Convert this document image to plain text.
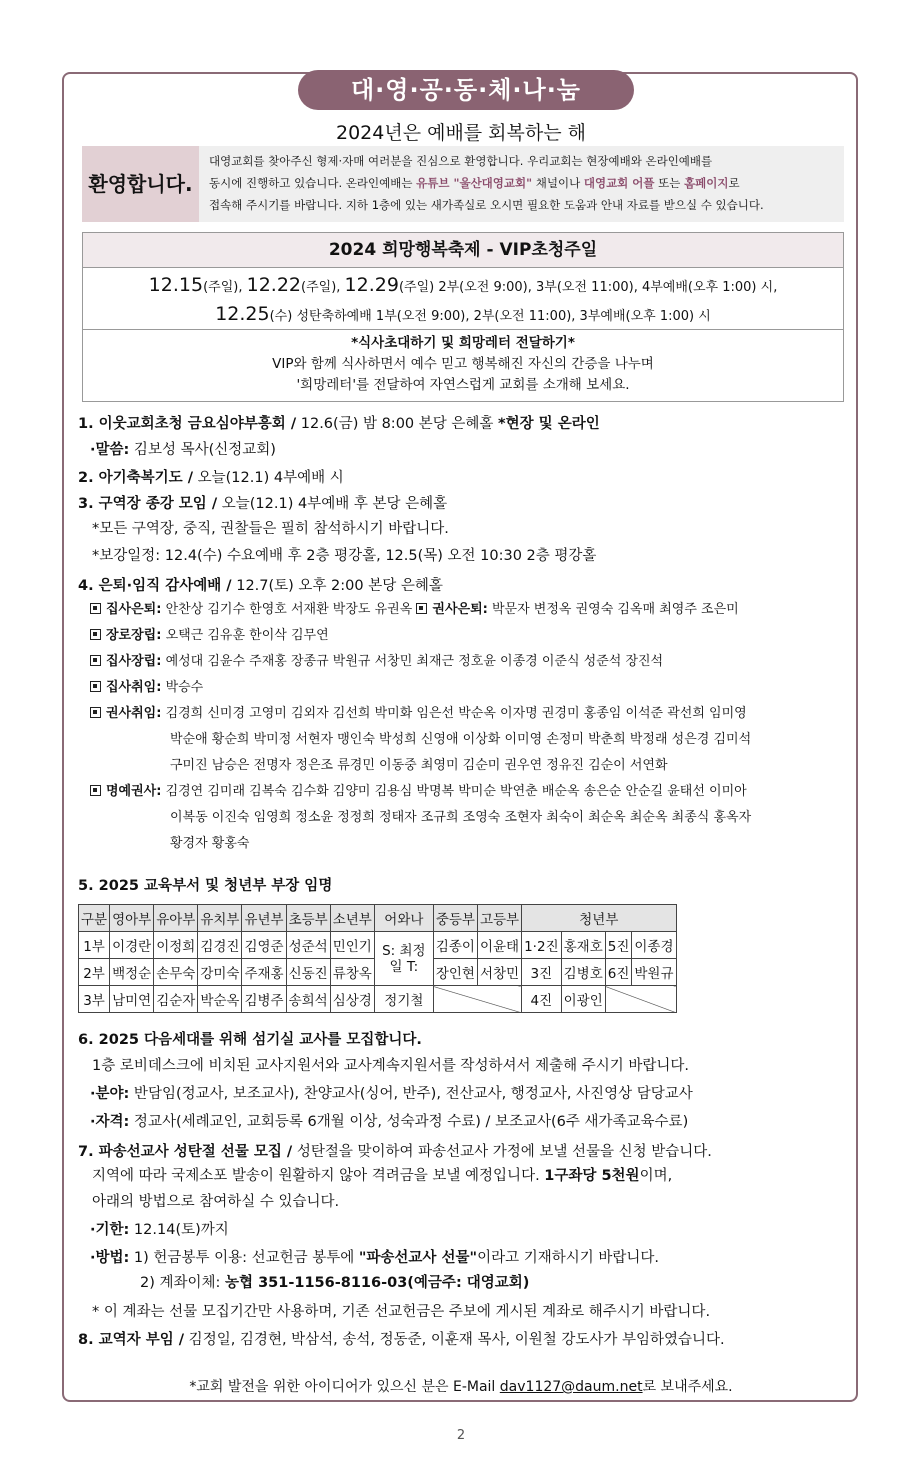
대·영·공·동·체·나·눔
2024년은 예배를 회복하는 해
환영합니다.
대영교회를 찾아주신 형제·자매 여러분을 진심으로 환영합니다. 우리교회는 현장예배와 온라인예배를
동시에 진행하고 있습니다. 온라인예배는 유튜브 "울산대영교회" 채널이나 대영교회 어플 또는 홈페이지로
접속해 주시기를 바랍니다. 지하 1층에 있는 새가족실로 오시면 필요한 도움과 안내 자료를 받으실 수 있습니다.
2024 희망행복축제 - VIP초청주일
12.15(주일), 12.22(주일), 12.29(주일) 2부(오전 9:00), 3부(오전 11:00), 4부예배(오후 1:00) 시,
12.25(수) 성탄축하예배 1부(오전 9:00), 2부(오전 11:00), 3부예배(오후 1:00) 시
*식사초대하기 및 희망레터 전달하기*
VIP와 함께 식사하면서 예수 믿고 행복해진 자신의 간증을 나누며
'희망레터'를 전달하여 자연스럽게 교회를 소개해 보세요.
1. 이웃교회초청 금요심야부흥회 / 12.6(금) 밤 8:00 본당 은혜홀 *현장 및 온라인
·말씀: 김보성 목사(신정교회)
2. 아기축복기도 / 오늘(12.1) 4부예배 시
3. 구역장 종강 모임 / 오늘(12.1) 4부예배 후 본당 은혜홀
*모든 구역장, 중직, 권찰들은 필히 참석하시기 바랍니다.
*보강일정: 12.4(수) 수요예배 후 2층 평강홀, 12.5(목) 오전 10:30 2층 평강홀
4. 은퇴·임직 감사예배 / 12.7(토) 오후 2:00 본당 은혜홀
집사은퇴: 안찬상 김기수 한영호 서재환 박장도 유권옥 권사은퇴: 박문자 변정옥 권영숙 김옥매 최영주 조은미
장로장립: 오택근 김유훈 한이삭 김무연
집사장립: 예성대 김윤수 주재홍 장종규 박원규 서창민 최재근 정호윤 이종경 이준식 성준석 장진석
집사취임: 박승수
권사취임: 김경희 신미경 고영미 김외자 김선희 박미화 임은선 박순옥 이자명 권경미 홍종임 이석준 곽선희 임미영
박순애 황순희 박미정 서현자 맹인숙 박성희 신영애 이상화 이미영 손정미 박춘희 박정래 성은경 김미석
구미진 남승은 전명자 정은조 류경민 이동중 최영미 김순미 권우연 정유진 김순이 서연화
명예권사: 김경연 김미래 김복숙 김수화 김양미 김용심 박명복 박미순 박연춘 배순옥 송은순 안순길 윤태선 이미아
이복동 이진숙 임영희 정소윤 정정희 정태자 조규희 조영숙 조현자 최숙이 최순옥 최순옥 최종식 홍옥자
황경자 황홍숙
5. 2025 교육부서 및 청년부 부장 임명
구분	영아부	유아부	유치부	유년부	초등부	소년부	어와나	중등부	고등부	청년부			
1부	이경란	이정희	김경진	김영준	성준석	민인기	S: 최정일 T:	김종이	이윤태	1·2진	홍재호	5진	이종경
2부	백정순	손무숙	강미숙	주재홍	신동진	류창옥		장인현	서창민	3진	김병호	6진	박원규
3부	남미연	김순자	박순옥	김병주	송희석	심상경	정기철			4진	이광인		
6. 2025 다음세대를 위해 섬기실 교사를 모집합니다.
1층 로비데스크에 비치된 교사지원서와 교사계속지원서를 작성하셔서 제출해 주시기 바랍니다.
·분야: 반담임(정교사, 보조교사), 찬양교사(싱어, 반주), 전산교사, 행정교사, 사진영상 담당교사
·자격: 정교사(세례교인, 교회등록 6개월 이상, 성숙과정 수료) / 보조교사(6주 새가족교육수료)
7. 파송선교사 성탄절 선물 모집 / 성탄절을 맞이하여 파송선교사 가정에 보낼 선물을 신청 받습니다.
지역에 따라 국제소포 발송이 원활하지 않아 격려금을 보낼 예정입니다. 1구좌당 5천원이며,
아래의 방법으로 참여하실 수 있습니다.
·기한: 12.14(토)까지
·방법: 1) 헌금봉투 이용: 선교헌금 봉투에 "파송선교사 선물"이라고 기재하시기 바랍니다.
2) 계좌이체: 농협 351-1156-8116-03(예금주: 대영교회)
* 이 계좌는 선물 모집기간만 사용하며, 기존 선교헌금은 주보에 게시된 계좌로 해주시기 바랍니다.
8. 교역자 부임 / 김정일, 김경현, 박삼석, 송석, 정동준, 이훈재 목사, 이원철 강도사가 부임하였습니다.
*교회 발전을 위한 아이디어가 있으신 분은 E-Mail dav1127@daum.net로 보내주세요.
2
